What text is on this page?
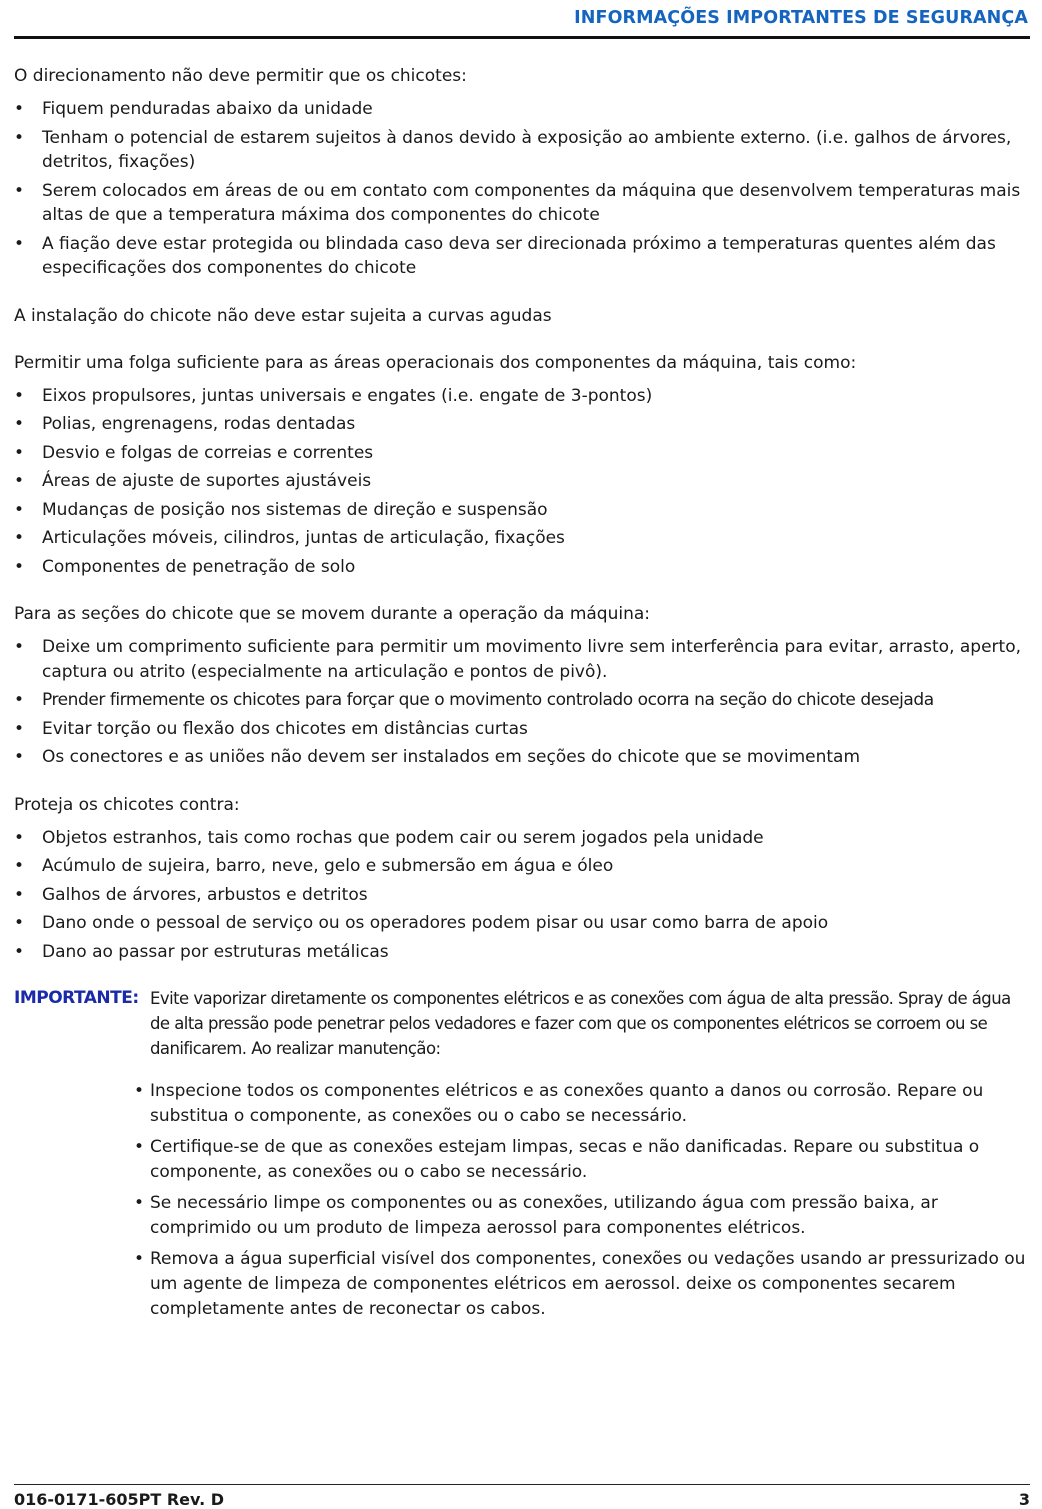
INFORMAÇÕES IMPORTANTES DE SEGURANÇA

O direcionamento não deve permitir que os chicotes:

• Fiquem penduradas abaixo da unidade
• Tenham o potencial de estarem sujeitos à danos devido à exposição ao ambiente externo. (i.e. galhos de árvores, detritos, fixações)
• Serem colocados em áreas de ou em contato com componentes da máquina que desenvolvem temperaturas mais altas de que a temperatura máxima dos componentes do chicote
• A fiação deve estar protegida ou blindada caso deva ser direcionada próximo a temperaturas quentes além das especificações dos componentes do chicote

A instalação do chicote não deve estar sujeita a curvas agudas

Permitir uma folga suficiente para as áreas operacionais dos componentes da máquina, tais como:

• Eixos propulsores, juntas universais e engates (i.e. engate de 3-pontos)
• Polias, engrenagens, rodas dentadas
• Desvio e folgas de correias e correntes
• Áreas de ajuste de suportes ajustáveis
• Mudanças de posição nos sistemas de direção e suspensão
• Articulações móveis, cilindros, juntas de articulação, fixações
• Componentes de penetração de solo

Para as seções do chicote que se movem durante a operação da máquina:

• Deixe um comprimento suficiente para permitir um movimento livre sem interferência para evitar, arrasto, aperto, captura ou atrito (especialmente na articulação e pontos de pivô).
• Prender firmemente os chicotes para forçar que o movimento controlado ocorra na seção do chicote desejada
• Evitar torção ou flexão dos chicotes em distâncias curtas
• Os conectores e as uniões não devem ser instalados em seções do chicote que se movimentam

Proteja os chicotes contra:

• Objetos estranhos, tais como rochas que podem cair ou serem jogados pela unidade
• Acúmulo de sujeira, barro, neve, gelo e submersão em água e óleo
• Galhos de árvores, arbustos e detritos
• Dano onde o pessoal de serviço ou os operadores podem pisar ou usar como barra de apoio
• Dano ao passar por estruturas metálicas
IMPORTANTE: Evite vaporizar diretamente os componentes elétricos e as conexões com água de alta pressão. Spray de água de alta pressão pode penetrar pelos vedadores e fazer com que os componentes elétricos se corroem ou se danificarem. Ao realizar manutenção:
• Inspecione todos os componentes elétricos e as conexões quanto a danos ou corrosão. Repare ou substitua o componente, as conexões ou o cabo se necessário.
• Certifique-se de que as conexões estejam limpas, secas e não danificadas. Repare ou substitua o componente, as conexões ou o cabo se necessário.
• Se necessário limpe os componentes ou as conexões, utilizando água com pressão baixa, ar comprimido ou um produto de limpeza aerossol para componentes elétricos.
• Remova a água superficial visível dos componentes, conexões ou vedações usando ar pressurizado ou um agente de limpeza de componentes elétricos em aerossol. deixe os componentes secarem completamente antes de reconectar os cabos.
016-0171-605PT Rev. D	3
